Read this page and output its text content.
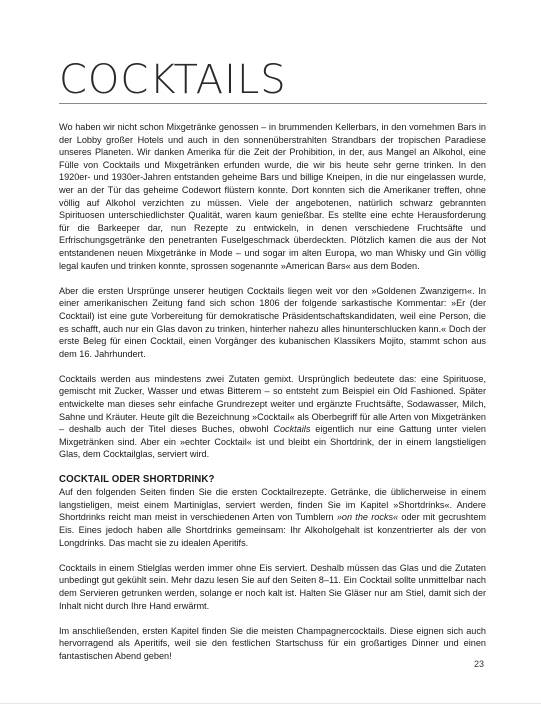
COCKTAILS

Wo haben wir nicht schon Mixgetränke genossen – in brummenden Kellerbars, in den vornehmen Bars in der Lobby großer Hotels und auch in den sonnenüberstrahlten Strandbars der tropischen Paradiese unseres Planeten. Wir danken Amerika für die Zeit der Prohibition, in der, aus Mangel an Alkohol, eine Fülle von Cocktails und Mixgetränken erfunden wurde, die wir bis heute sehr gerne trinken. In den 1920er- und 1930er-Jahren entstanden geheime Bars und billige Kneipen, in die nur eingelassen wurde, wer an der Tür das geheime Codewort flüstern konnte. Dort konnten sich die Amerikaner treffen, ohne völlig auf Alkohol verzichten zu müssen. Viele der angebotenen, natürlich schwarz gebrannten Spirituosen unterschiedlichster Qualität, waren kaum genießbar. Es stellte eine echte Herausforderung für die Barkeeper dar, nun Rezepte zu entwickeln, in denen verschiedene Fruchtsäfte und Erfrischungsgetränke den penetranten Fuselgeschmack überdeckten. Plötzlich kamen die aus der Not entstandenen neuen Mixgetränke in Mode – und sogar im alten Europa, wo man Whisky und Gin völlig legal kaufen und trinken konnte, sprossen sogenannte »American Bars« aus dem Boden.

Aber die ersten Ursprünge unserer heutigen Cocktails liegen weit vor den »Goldenen Zwanzigern«. In einer amerikanischen Zeitung fand sich schon 1806 der folgende sarkastische Kommentar: »Er (der Cocktail) ist eine gute Vorbereitung für demokratische Präsidentschaftskandidaten, weil eine Person, die es schafft, auch nur ein Glas davon zu trinken, hinterher nahezu alles hinunterschlucken kann.« Doch der erste Beleg für einen Cocktail, einen Vorgänger des kubanischen Klassikers Mojito, stammt schon aus dem 16. Jahrhundert.

Cocktails werden aus mindestens zwei Zutaten gemixt. Ursprünglich bedeutete das: eine Spirituose, gemischt mit Zucker, Wasser und etwas Bitterem – so entsteht zum Beispiel ein Old Fashioned. Später entwickelte man dieses sehr einfache Grundrezept weiter und ergänzte Fruchtsäfte, Sodawasser, Milch, Sahne und Kräuter. Heute gilt die Bezeichnung »Cocktail« als Oberbegriff für alle Arten von Mixgetränken – deshalb auch der Titel dieses Buches, obwohl Cocktails eigentlich nur eine Gattung unter vielen Mixgetränken sind. Aber ein »echter Cocktail« ist und bleibt ein Shortdrink, der in einem langstieligen Glas, dem Cocktailglas, serviert wird.

COCKTAIL ODER SHORTDRINK?

Auf den folgenden Seiten finden Sie die ersten Cocktailrezepte. Getränke, die üblicherweise in einem langstieligen, meist einem Martiniglas, serviert werden, finden Sie im Kapitel »Shortdrinks«. Andere Shortdrinks reicht man meist in verschiedenen Arten von Tumblern »on the rocks« oder mit gecrushtem Eis. Eines jedoch haben alle Shortdrinks gemeinsam: Ihr Alkoholgehalt ist konzentrierter als der von Longdrinks. Das macht sie zu idealen Aperitifs.

Cocktails in einem Stielglas werden immer ohne Eis serviert. Deshalb müssen das Glas und die Zutaten unbedingt gut gekühlt sein. Mehr dazu lesen Sie auf den Seiten 8–11. Ein Cocktail sollte unmittelbar nach dem Servieren getrunken werden, solange er noch kalt ist. Halten Sie Gläser nur am Stiel, damit sich der Inhalt nicht durch Ihre Hand erwärmt.

Im anschließenden, ersten Kapitel finden Sie die meisten Champagnercocktails. Diese eignen sich auch hervorragend als Aperitifs, weil sie den festlichen Startschuss für ein großartiges Dinner und einen fantastischen Abend geben!

23
